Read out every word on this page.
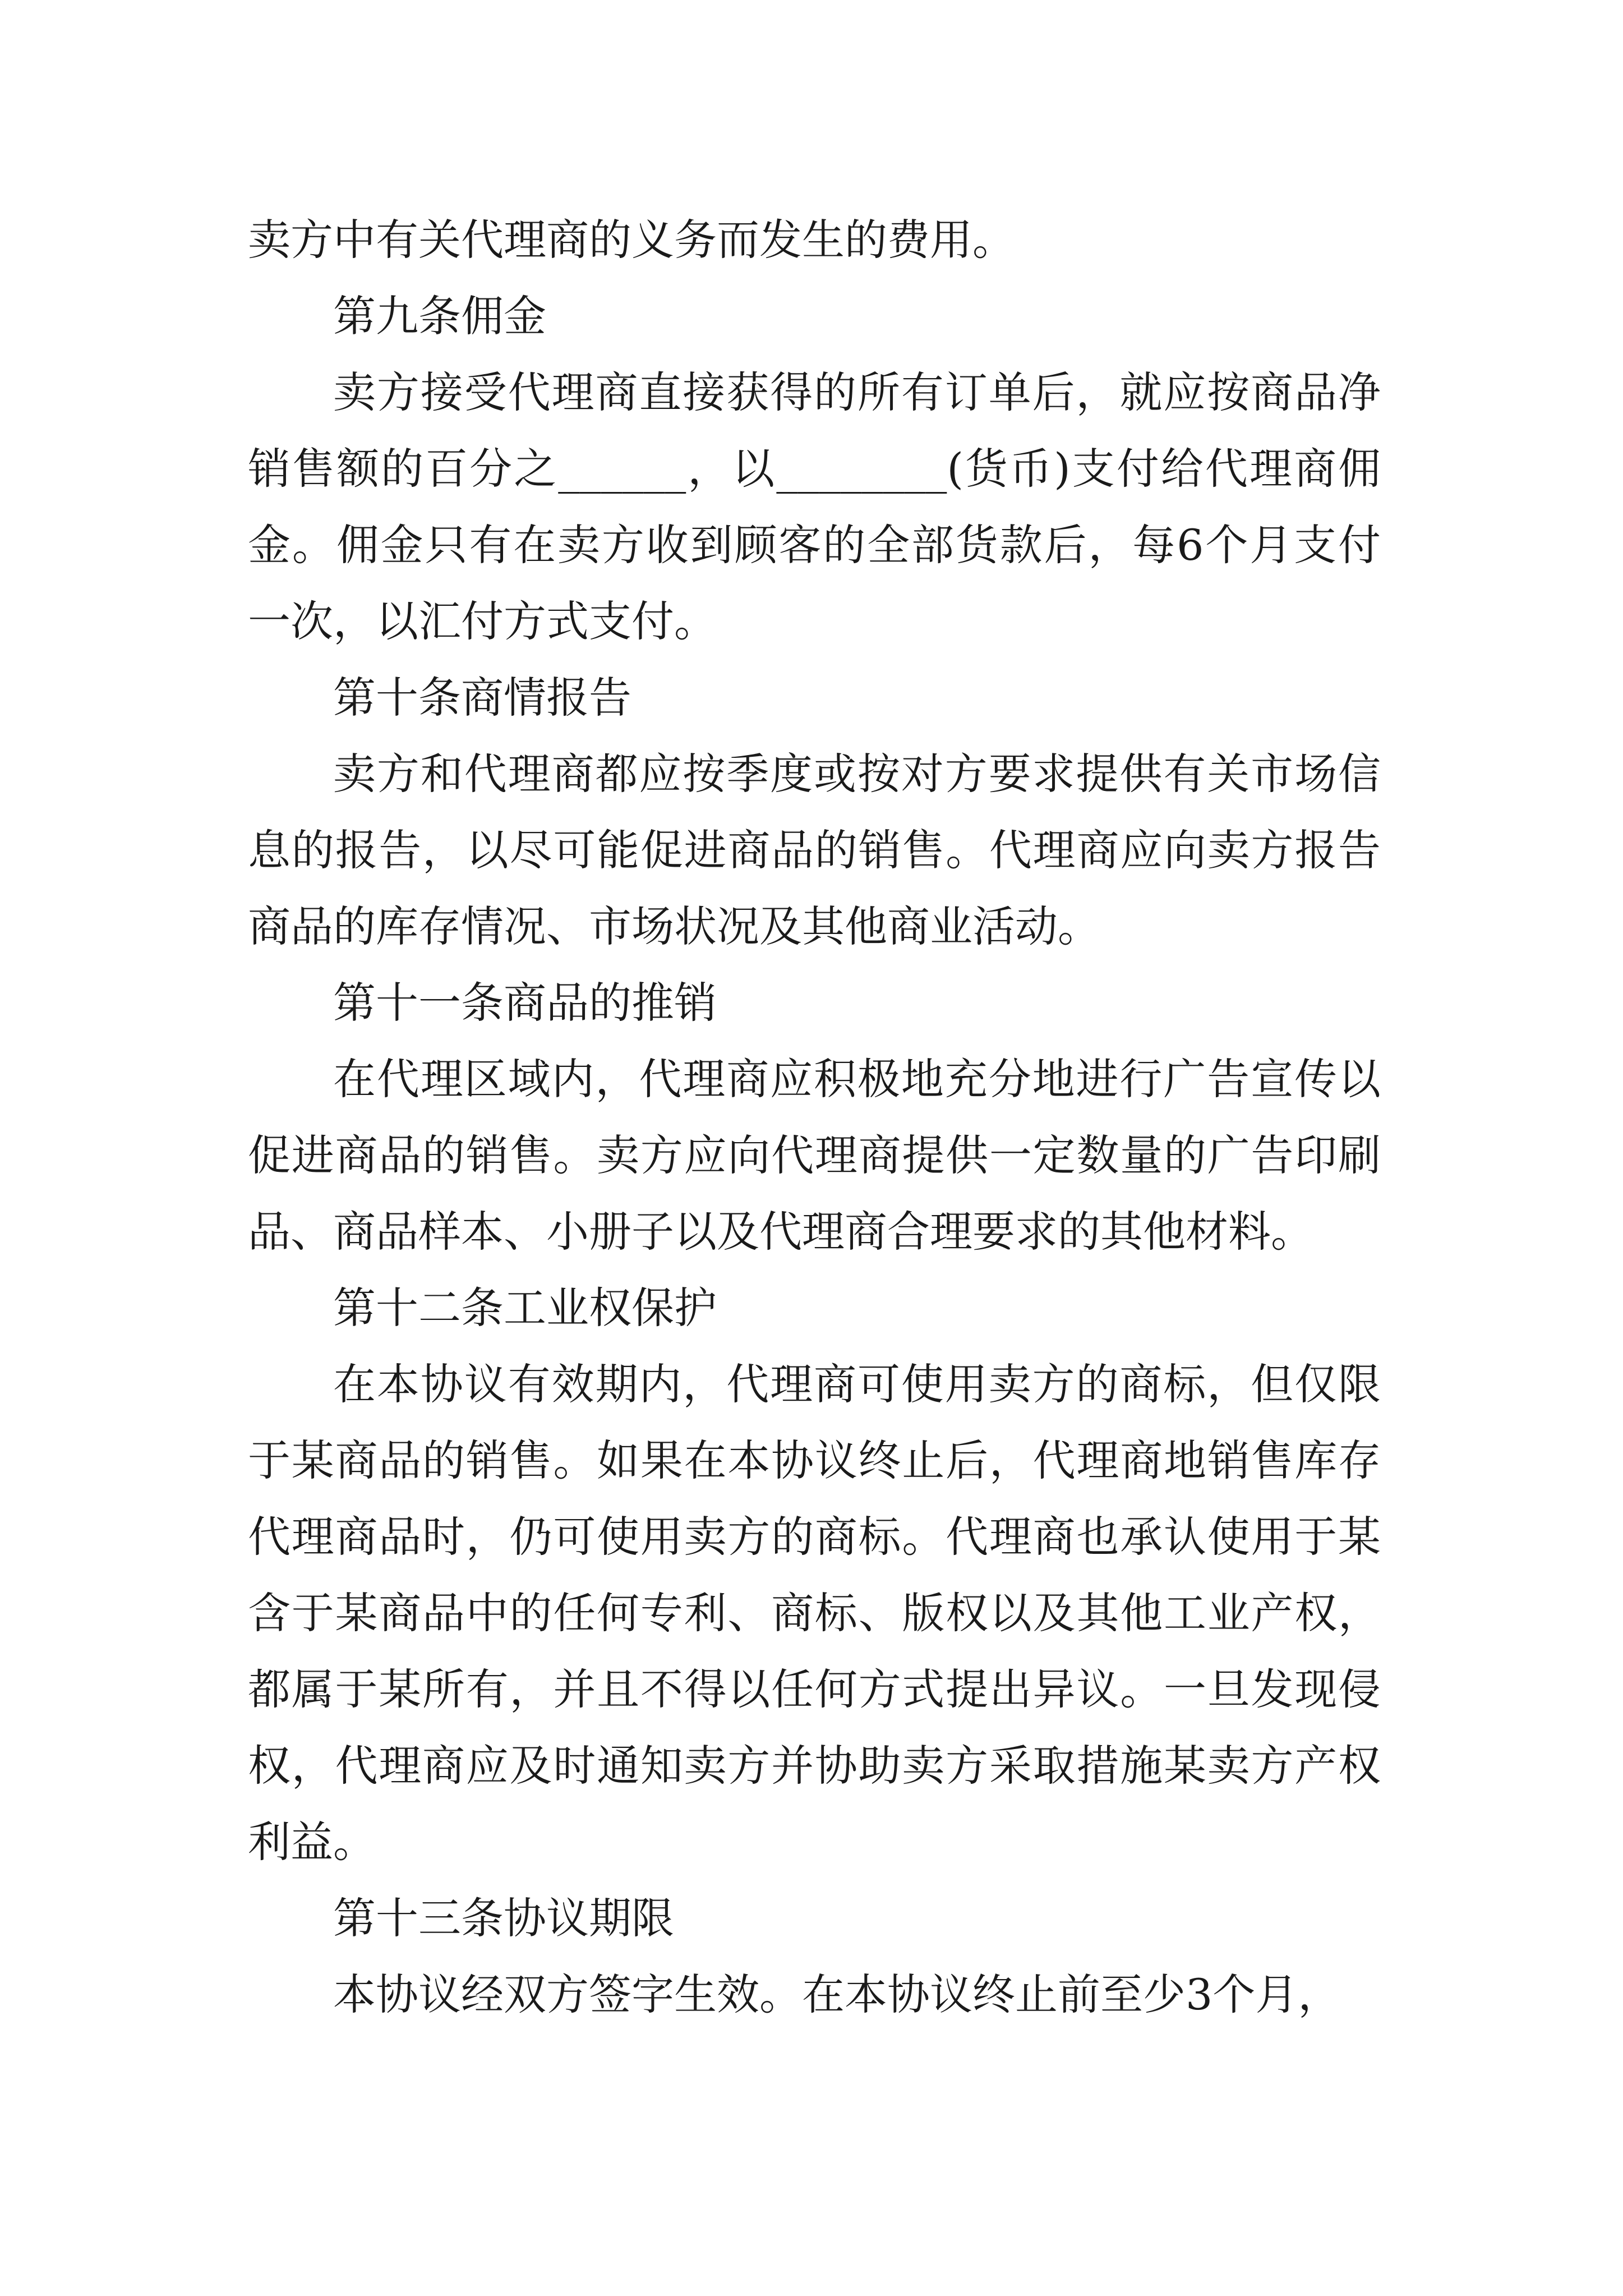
卖方中有关代理商的义务而发生的费用。

第九条佣金

卖方接受代理商直接获得的所有订单后，就应按商品净销售额的百分之______，以________(货币)支付给代理商佣金。佣金只有在卖方收到顾客的全部货款后，每6个月支付一次，以汇付方式支付。

第十条商情报告

卖方和代理商都应按季度或按对方要求提供有关市场信息的报告，以尽可能促进商品的销售。代理商应向卖方报告商品的库存情况、市场状况及其他商业活动。

第十一条商品的推销

在代理区域内，代理商应积极地充分地进行广告宣传以促进商品的销售。卖方应向代理商提供一定数量的广告印刷品、商品样本、小册子以及代理商合理要求的其他材料。

第十二条工业权保护

在本协议有效期内，代理商可使用卖方的商标，但仅限于某商品的销售。如果在本协议终止后，代理商地销售库存代理商品时，仍可使用卖方的商标。代理商也承认使用于某含于某商品中的任何专利、商标、版权以及其他工业产权，都属于某所有，并且不得以任何方式提出异议。一旦发现侵权，代理商应及时通知卖方并协助卖方采取措施某卖方产权利益。

第十三条协议期限

本协议经双方签字生效。在本协议终止前至少3个月，
